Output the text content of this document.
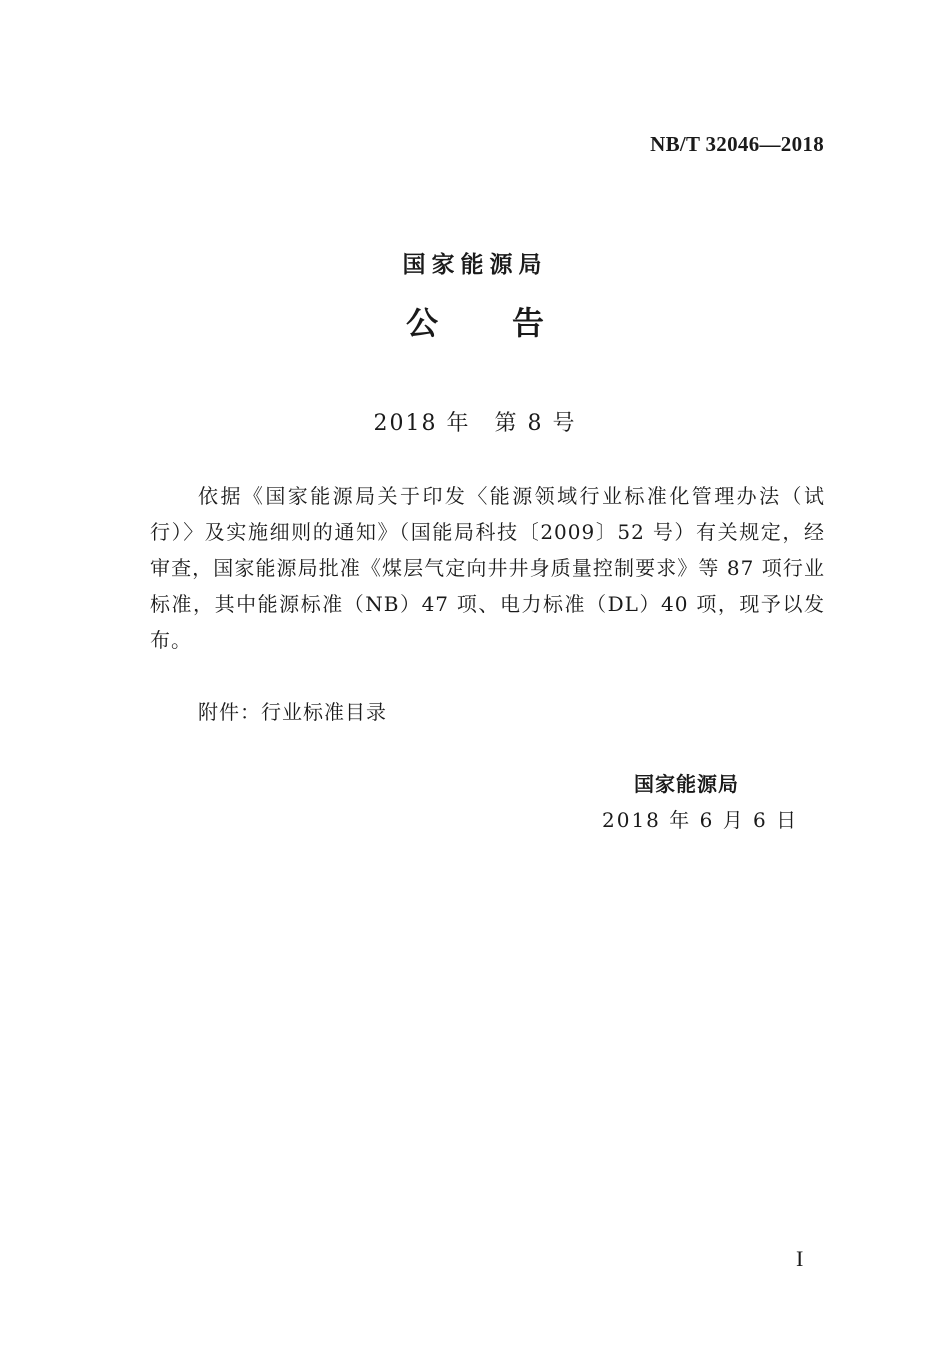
NB/T 32046—2018
国家能源局
公告
2018 年　第 8 号
依据《国家能源局关于印发〈能源领域行业标准化管理办法（试行）〉及实施细则的通知》（国能局科技〔2009〕52 号）有关规定，经审查，国家能源局批准《煤层气定向井井身质量控制要求》等 87 项行业标准，其中能源标准（NB）47 项、电力标准（DL）40 项，现予以发布。
附件：行业标准目录
国家能源局
2018 年 6 月 6 日
I
